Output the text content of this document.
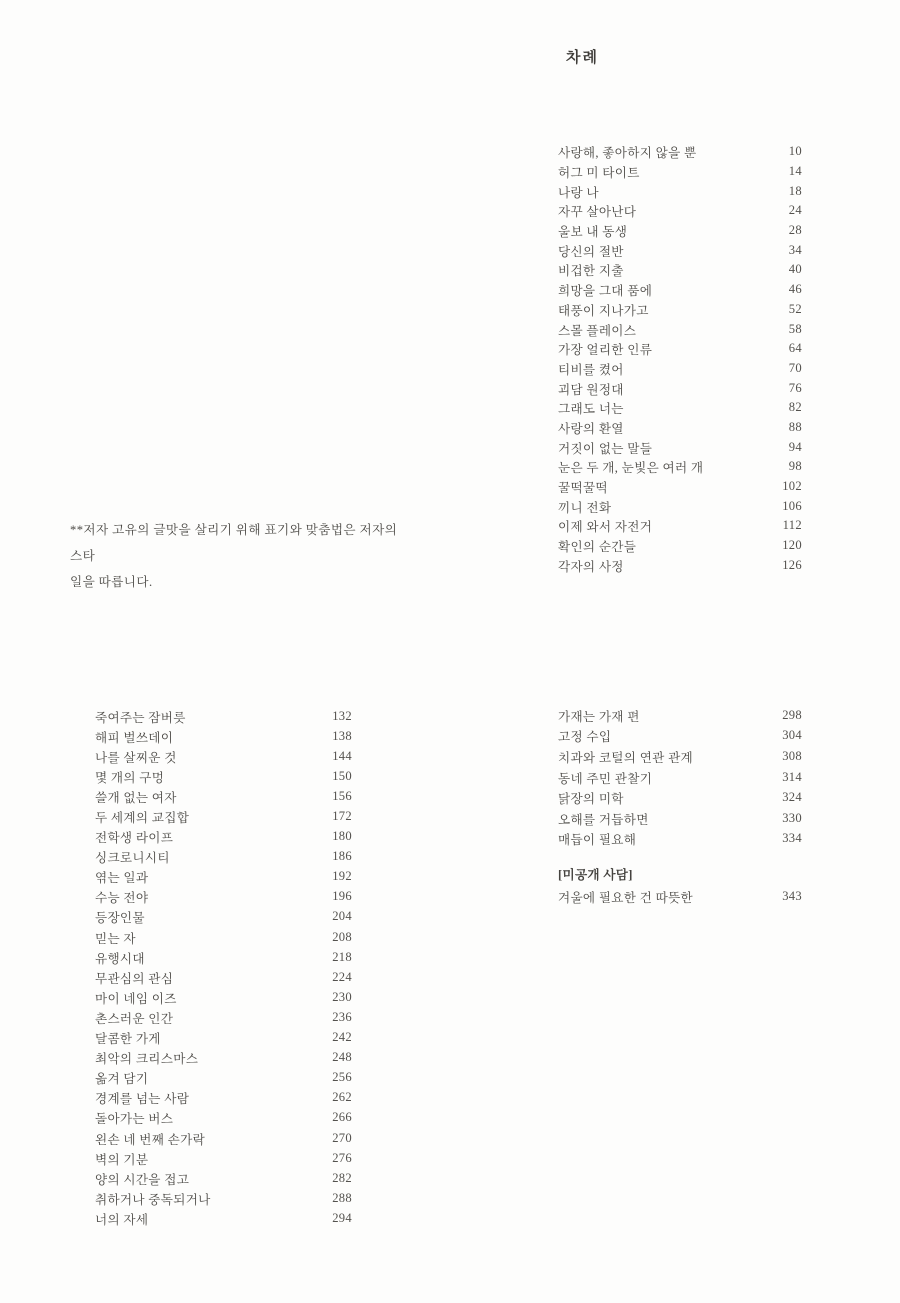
차례
**저자 고유의 글맛을 살리기 위해 표기와 맞춤법은 저자의 스타
일을 따릅니다.
사랑해, 좋아하지 않을 뿐	10
허그 미 타이트	14
나랑 나	18
자꾸 살아난다	24
울보 내 동생	28
당신의 절반	34
비겁한 지출	40
희망을 그대 품에	46
태풍이 지나가고	52
스몰 플레이스	58
가장 얼리한 인류	64
티비를 켰어	70
괴담 원정대	76
그래도 너는	82
사랑의 환열	88
거짓이 없는 말들	94
눈은 두 개, 눈빛은 여러 개	98
꿀떡꿀떡	102
끼니 전화	106
이제 와서 자전거	112
확인의 순간들	120
각자의 사정	126
죽여주는 잠버릇	132
해피 벌쓰데이	138
나를 살찌운 것	144
몇 개의 구멍	150
쓸개 없는 여자	156
두 세계의 교집합	172
전학생 라이프	180
싱크로니시티	186
엮는 일과	192
수능 전야	196
등장인물	204
믿는 자	208
유행시대	218
무관심의 관심	224
마이 네임 이즈	230
촌스러운 인간	236
달콤한 가게	242
최악의 크리스마스	248
옮겨 담기	256
경계를 넘는 사람	262
돌아가는 버스	266
왼손 네 번째 손가락	270
벽의 기분	276
양의 시간을 접고	282
취하거나 중독되거나	288
너의 자세	294
가재는 가재 편	298
고정 수입	304
치과와 코털의 연관 관계	308
동네 주민 관찰기	314
닭장의 미학	324
오해를 거듭하면	330
매듭이 필요해	334
[미공개 사담]
겨울에 필요한 건 따뜻한	343
